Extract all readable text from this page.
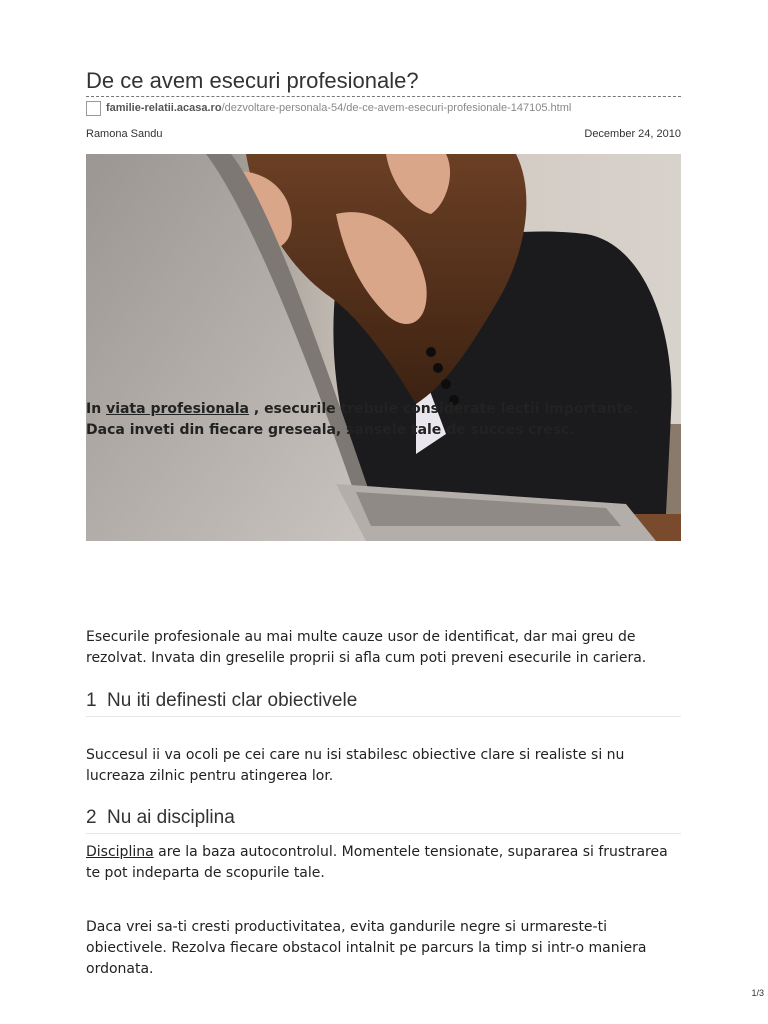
De ce avem esecuri profesionale?
familie-relatii.acasa.ro/dezvoltare-personala-54/de-ce-avem-esecuri-profesionale-147105.html
Ramona Sandu	December 24, 2010

In viata profesionala , esecurile trebuie considerate lectii importante. Daca inveti din fiecare greseala, sansele tale de succes cresc.

Esecurile profesionale au mai multe cauze usor de identificat, dar mai greu de rezolvat. Invata din greselile proprii si afla cum poti preveni esecurile in cariera.

1 Nu iti definesti clar obiectivele

Succesul ii va ocoli pe cei care nu isi stabilesc obiective clare si realiste si nu lucreaza zilnic pentru atingerea lor.

2 Nu ai disciplina

Disciplina are la baza autocontrolul. Momentele tensionate, supararea si frustrarea te pot indeparta de scopurile tale.

Daca vrei sa-ti cresti productivitatea, evita gandurile negre si urmareste-ti obiectivele. Rezolva fiecare obstacol intalnit pe parcurs la timp si intr-o maniera ordonata.

1/3
